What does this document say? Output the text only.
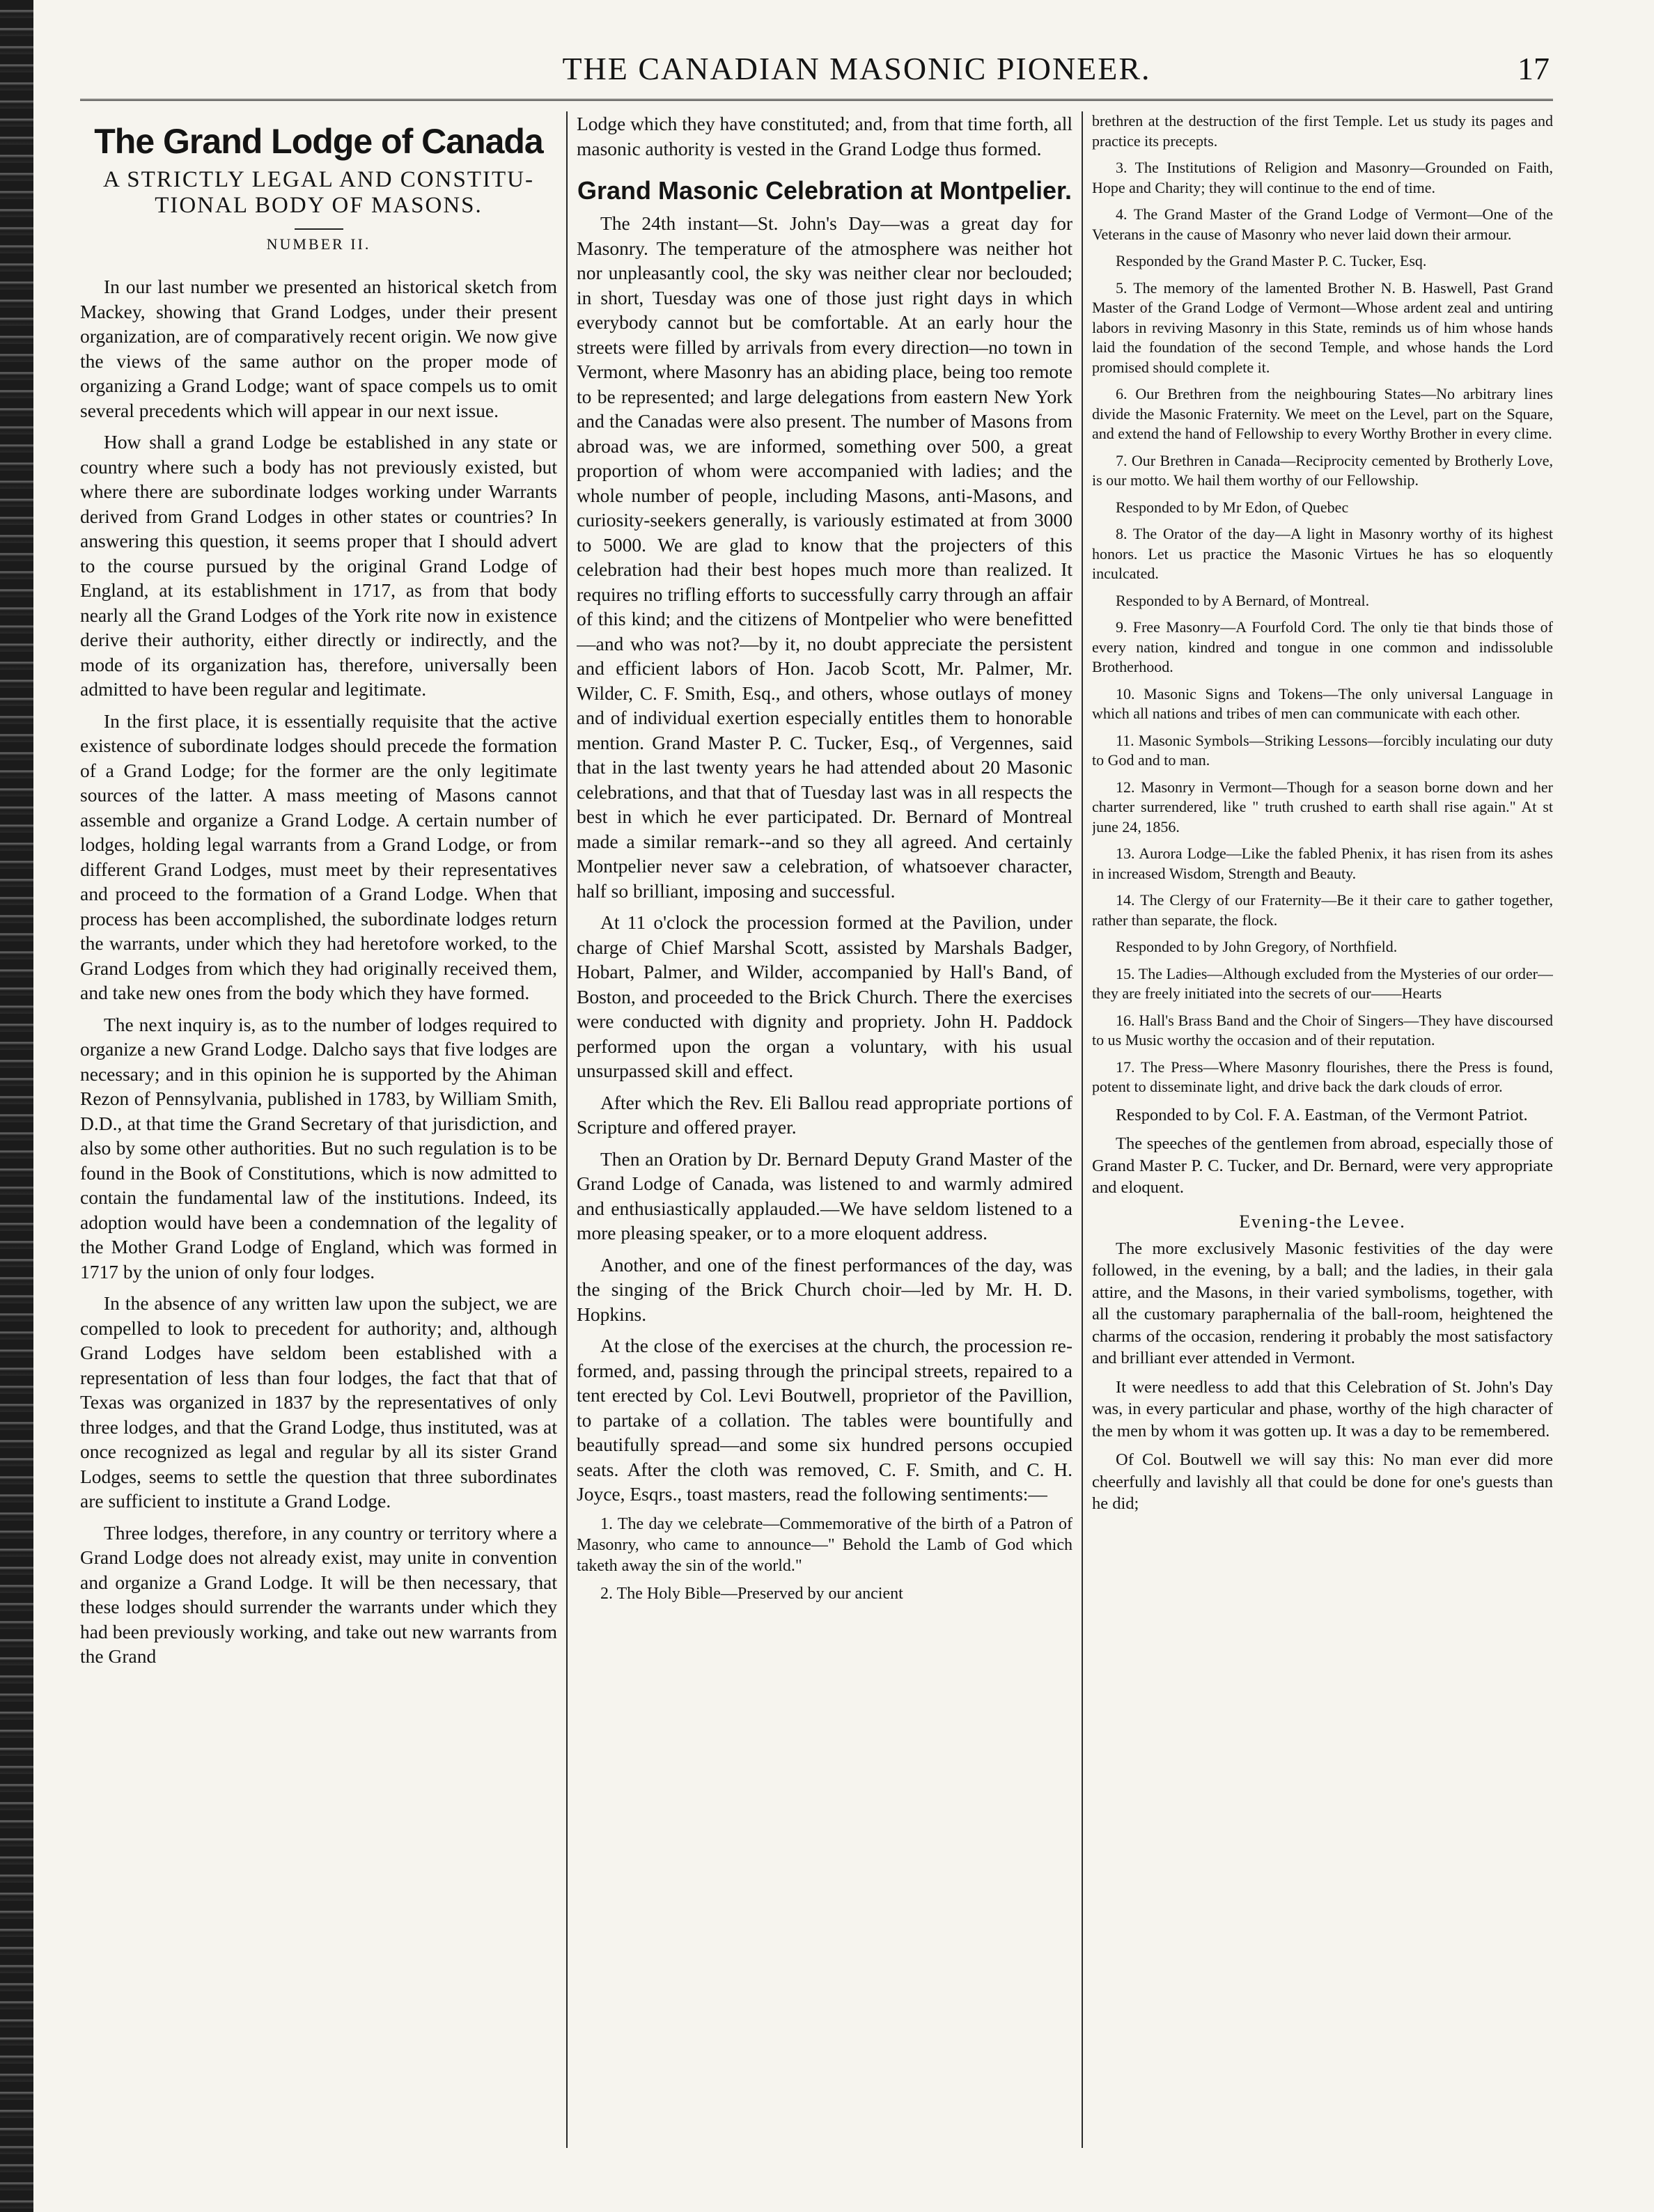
THE CANADIAN MASONIC PIONEER.	17
The Grand Lodge of Canada
A STRICTLY LEGAL AND CONSTITU-TIONAL BODY OF MASONS.
NUMBER II.

In our last number we presented an historical sketch from Mackey, showing that Grand Lodges, under their present organization, are of comparatively recent origin. We now give the views of the same author on the proper mode of organizing a Grand Lodge; want of space compels us to omit several precedents which will appear in our next issue.

How shall a grand Lodge be established in any state or country where such a body has not previously existed, but where there are subordinate lodges working under Warrants derived from Grand Lodges in other states or countries? In answering this question, it seems proper that I should advert to the course pursued by the original Grand Lodge of England, at its establishment in 1717, as from that body nearly all the Grand Lodges of the York rite now in existence derive their authority, either directly or indirectly, and the mode of its organization has, therefore, universally been admitted to have been regular and legitimate.

In the first place, it is essentially requisite that the active existence of subordinate lodges should precede the formation of a Grand Lodge; for the former are the only legitimate sources of the latter. A mass meeting of Masons cannot assemble and organize a Grand Lodge. A certain number of lodges, holding legal warrants from a Grand Lodge, or from different Grand Lodges, must meet by their representatives and proceed to the formation of a Grand Lodge. When that process has been accomplished, the subordinate lodges return the warrants, under which they had heretofore worked, to the Grand Lodges from which they had originally received them, and take new ones from the body which they have formed.

The next inquiry is, as to the number of lodges required to organize a new Grand Lodge. Dalcho says that five lodges are necessary; and in this opinion he is supported by the Ahiman Rezon of Pennsylvania, published in 1783, by William Smith, D.D., at that time the Grand Secretary of that jurisdiction, and also by some other authorities. But no such regulation is to be found in the Book of Constitutions, which is now admitted to contain the fundamental law of the institutions. Indeed, its adoption would have been a condemnation of the legality of the Mother Grand Lodge of England, which was formed in 1717 by the union of only four lodges.

In the absence of any written law upon the subject, we are compelled to look to precedent for authority; and, although Grand Lodges have seldom been established with a representation of less than four lodges, the fact that that of Texas was organized in 1837 by the representatives of only three lodges, and that the Grand Lodge, thus instituted, was at once recognized as legal and regular by all its sister Grand Lodges, seems to settle the question that three subordinates are sufficient to institute a Grand Lodge.

Three lodges, therefore, in any country or territory where a Grand Lodge does not already exist, may unite in convention and organize a Grand Lodge. It will be then necessary, that these lodges should surrender the warrants under which they had been previously working, and take out new warrants from the Grand

Lodge which they have constituted; and, from that time forth, all masonic authority is vested in the Grand Lodge thus formed.

Grand Masonic Celebration at Montpelier.

The 24th instant—St. John's Day—was a great day for Masonry. The temperature of the atmosphere was neither hot nor unpleasantly cool, the sky was neither clear nor beclouded; in short, Tuesday was one of those just right days in which everybody cannot but be comfortable. At an early hour the streets were filled by arrivals from every direction—no town in Vermont, where Masonry has an abiding place, being too remote to be represented; and large delegations from eastern New York and the Canadas were also present. The number of Masons from abroad was, we are informed, something over 500, a great proportion of whom were accompanied with ladies; and the whole number of people, including Masons, anti-Masons, and curiosity-seekers generally, is variously estimated at from 3000 to 5000. We are glad to know that the projecters of this celebration had their best hopes much more than realized. It requires no trifling efforts to successfully carry through an affair of this kind; and the citizens of Montpelier who were benefitted—and who was not?—by it, no doubt appreciate the persistent and efficient labors of Hon. Jacob Scott, Mr. Palmer, Mr. Wilder, C. F. Smith, Esq., and others, whose outlays of money and of individual exertion especially entitles them to honorable mention. Grand Master P. C. Tucker, Esq., of Vergennes, said that in the last twenty years he had attended about 20 Masonic celebrations, and that that of Tuesday last was in all respects the best in which he ever participated. Dr. Bernard of Montreal made a similar remark--and so they all agreed. And certainly Montpelier never saw a celebration, of whatsoever character, half so brilliant, imposing and successful.

At 11 o'clock the procession formed at the Pavilion, under charge of Chief Marshal Scott, assisted by Marshals Badger, Hobart, Palmer, and Wilder, accompanied by Hall's Band, of Boston, and proceeded to the Brick Church. There the exercises were conducted with dignity and propriety. John H. Paddock performed upon the organ a voluntary, with his usual unsurpassed skill and effect.

After which the Rev. Eli Ballou read appropriate portions of Scripture and offered prayer.

Then an Oration by Dr. Bernard Deputy Grand Master of the Grand Lodge of Canada, was listened to and warmly admired and enthusiastically applauded.—We have seldom listened to a more pleasing speaker, or to a more eloquent address.

Another, and one of the finest performances of the day, was the singing of the Brick Church choir—led by Mr. H. D. Hopkins.

At the close of the exercises at the church, the procession re-formed, and, passing through the principal streets, repaired to a tent erected by Col. Levi Boutwell, proprietor of the Pavillion, to partake of a collation. The tables were bountifully and beautifully spread—and some six hundred persons occupied seats. After the cloth was removed, C. F. Smith, and C. H. Joyce, Esqrs., toast masters, read the following sentiments:—

1. The day we celebrate—Commemorative of the birth of a Patron of Masonry, who came to announce—" Behold the Lamb of God which taketh away the sin of the world."

2. The Holy Bible—Preserved by our ancient

brethren at the destruction of the first Temple. Let us study its pages and practice its precepts.

3. The Institutions of Religion and Masonry—Grounded on Faith, Hope and Charity; they will continue to the end of time.

4. The Grand Master of the Grand Lodge of Vermont—One of the Veterans in the cause of Masonry who never laid down their armour.

Responded by the Grand Master P. C. Tucker, Esq.

5. The memory of the lamented Brother N. B. Haswell, Past Grand Master of the Grand Lodge of Vermont—Whose ardent zeal and untiring labors in reviving Masonry in this State, reminds us of him whose hands laid the foundation of the second Temple, and whose hands the Lord promised should complete it.

6. Our Brethren from the neighbouring States—No arbitrary lines divide the Masonic Fraternity. We meet on the Level, part on the Square, and extend the hand of Fellowship to every Worthy Brother in every clime.

7. Our Brethren in Canada—Reciprocity cemented by Brotherly Love, is our motto. We hail them worthy of our Fellowship.

Responded to by Mr Edon, of Quebec

8. The Orator of the day—A light in Masonry worthy of its highest honors. Let us practice the Masonic Virtues he has so eloquently inculcated.

Responded to by A Bernard, of Montreal.

9. Free Masonry—A Fourfold Cord. The only tie that binds those of every nation, kindred and tongue in one common and indissoluble Brotherhood.

10. Masonic Signs and Tokens—The only universal Language in which all nations and tribes of men can communicate with each other.

11. Masonic Symbols—Striking Lessons—forcibly inculating our duty to God and to man.

12. Masonry in Vermont—Though for a season borne down and her charter surrendered, like " truth crushed to earth shall rise again." At st june 24, 1856.

13. Aurora Lodge—Like the fabled Phenix, it has risen from its ashes in increased Wisdom, Strength and Beauty.

14. The Clergy of our Fraternity—Be it their care to gather together, rather than separate, the flock.

Responded to by John Gregory, of Northfield.

15. The Ladies—Although excluded from the Mysteries of our order—they are freely initiated into the secrets of our——Hearts

16. Hall's Brass Band and the Choir of Singers—They have discoursed to us Music worthy the occasion and of their reputation.

17. The Press—Where Masonry flourishes, there the Press is found, potent to disseminate light, and drive back the dark clouds of error.

Responded to by Col. F. A. Eastman, of the Vermont Patriot.

The speeches of the gentlemen from abroad, especially those of Grand Master P. C. Tucker, and Dr. Bernard, were very appropriate and eloquent.

Evening-the Levee.

The more exclusively Masonic festivities of the day were followed, in the evening, by a ball; and the ladies, in their gala attire, and the Masons, in their varied symbolisms, together, with all the customary paraphernalia of the ball-room, heightened the charms of the occasion, rendering it probably the most satisfactory and brilliant ever attended in Vermont.

It were needless to add that this Celebration of St. John's Day was, in every particular and phase, worthy of the high character of the men by whom it was gotten up. It was a day to be remembered.

Of Col. Boutwell we will say this: No man ever did more cheerfully and lavishly all that could be done for one's guests than he did;
